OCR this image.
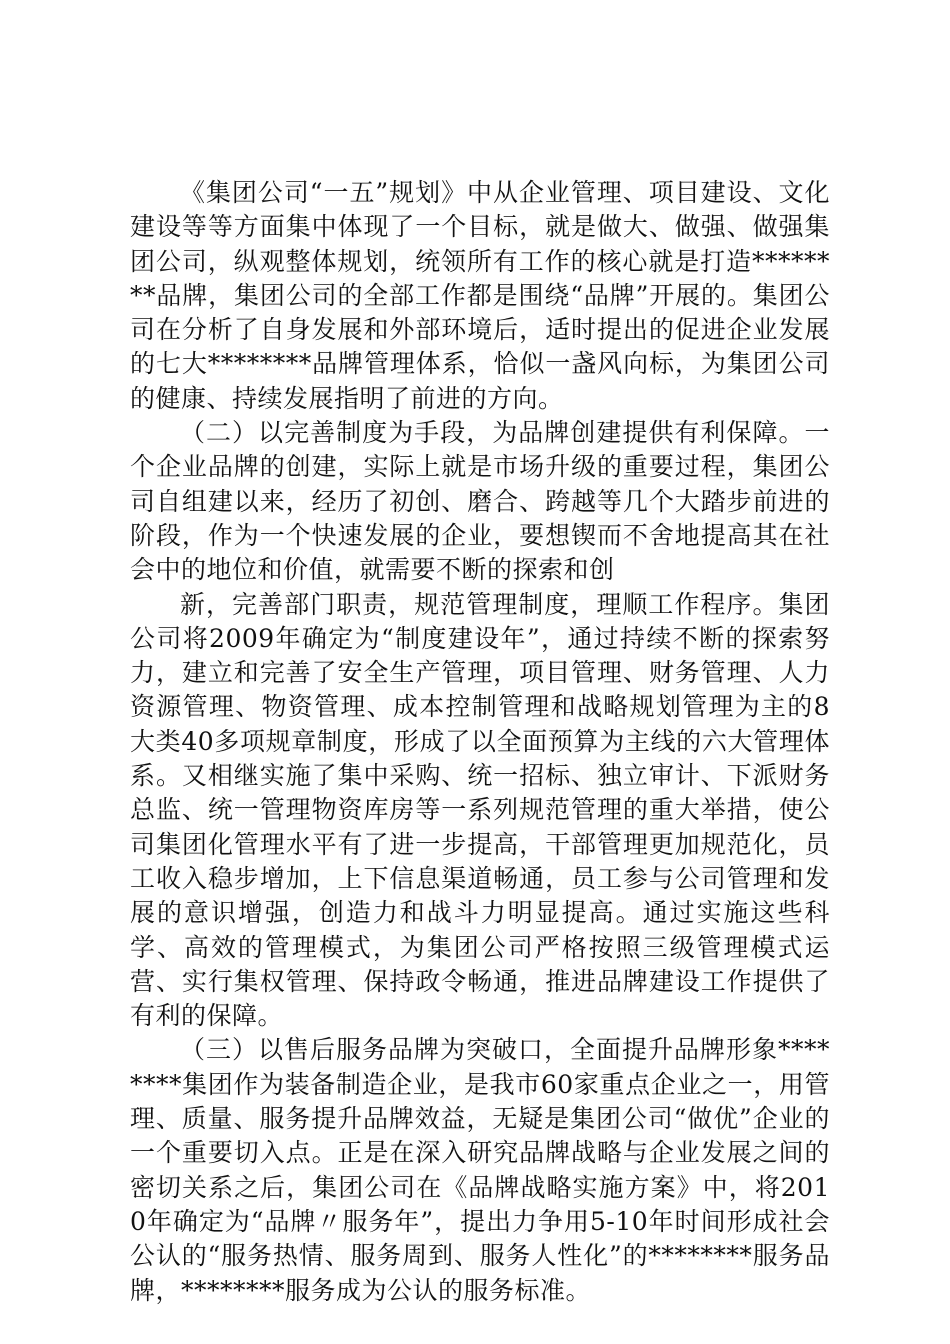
《集团公司“一五”规划》中从企业管理、项目建设、文化建设等等方面集中体现了一个目标，就是做大、做强、做强集团公司，纵观整体规划，统领所有工作的核心就是打造********品牌，集团公司的全部工作都是围绕“品牌”开展的。集团公司在分析了自身发展和外部环境后，适时提出的促进企业发展的七大********品牌管理体系，恰似一盏风向标，为集团公司的健康、持续发展指明了前进的方向。

（二）以完善制度为手段，为品牌创建提供有利保障。一个企业品牌的创建，实际上就是市场升级的重要过程，集团公司自组建以来，经历了初创、磨合、跨越等几个大踏步前进的阶段，作为一个快速发展的企业，要想锲而不舍地提高其在社会中的地位和价值，就需要不断的探索和创

新，完善部门职责，规范管理制度，理顺工作程序。集团公司将2009年确定为“制度建设年”，通过持续不断的探索努力，建立和完善了安全生产管理，项目管理、财务管理、人力资源管理、物资管理、成本控制管理和战略规划管理为主的8大类40多项规章制度，形成了以全面预算为主线的六大管理体系。又相继实施了集中采购、统一招标、独立审计、下派财务总监、统一管理物资库房等一系列规范管理的重大举措，使公司集团化管理水平有了进一步提高，干部管理更加规范化，员工收入稳步增加，上下信息渠道畅通，员工参与公司管理和发展的意识增强，创造力和战斗力明显提高。通过实施这些科学、高效的管理模式，为集团公司严格按照三级管理模式运营、实行集权管理、保持政令畅通，推进品牌建设工作提供了有利的保障。

（三）以售后服务品牌为突破口，全面提升品牌形象********集团作为装备制造企业，是我市60家重点企业之一，用管理、质量、服务提升品牌效益，无疑是集团公司“做优”企业的一个重要切入点。正是在深入研究品牌战略与企业发展之间的密切关系之后，集团公司在《品牌战略实施方案》中，将2010年确定为“品牌〃服务年”，提出力争用5-10年时间形成社会公认的“服务热情、服务周到、服务人性化”的********服务品牌，********服务成为公认的服务标准。
